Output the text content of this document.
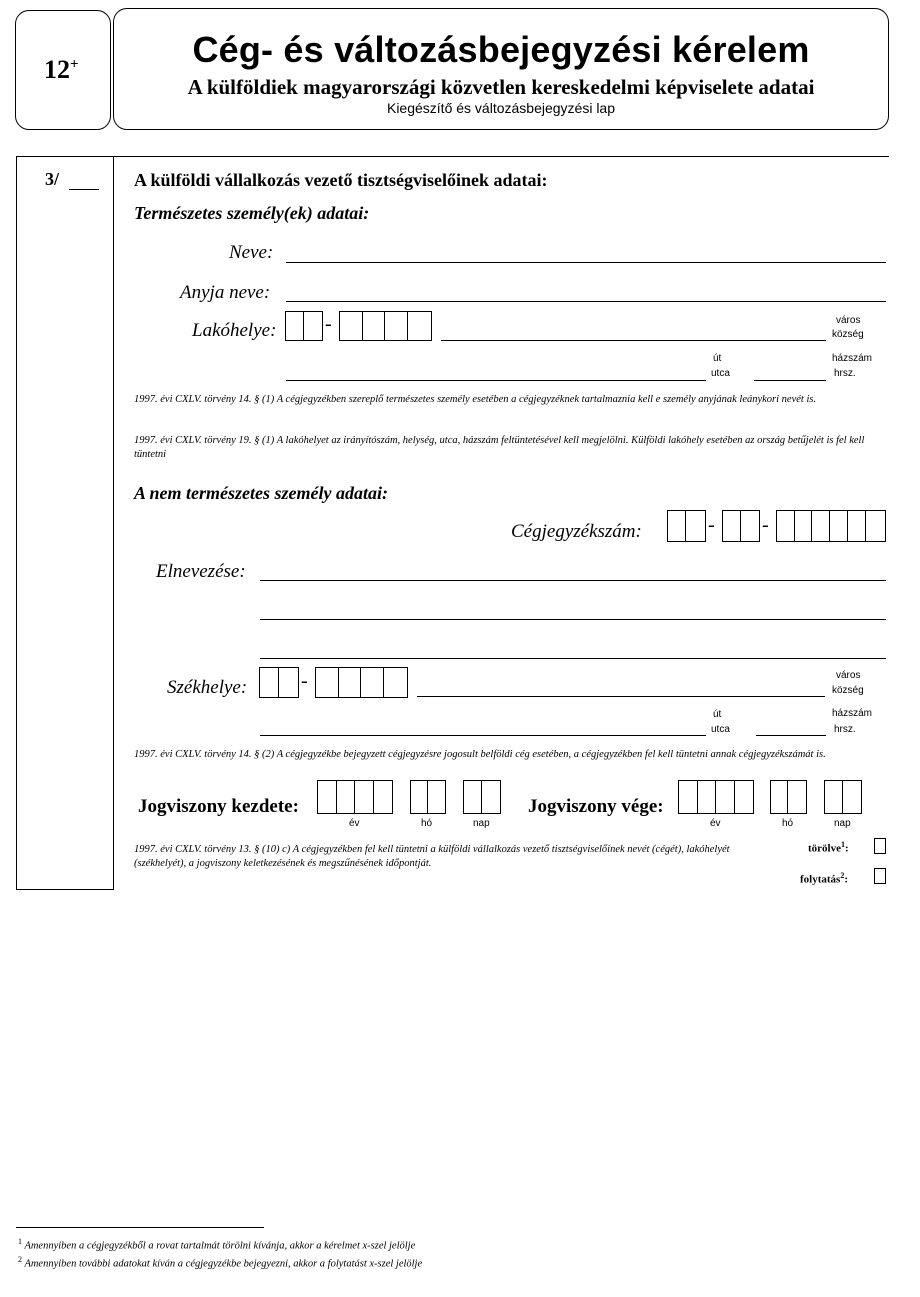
12+	Cég- és változásbejegyzési kérelem
A külföldiek magyarországi közvetlen kereskedelmi képviselete adatai
Kiegészítő és változásbejegyzési lap
3/	A külföldi vállalkozás vezető tisztségviselőinek adatai:
Természetes személy(ek) adatai:
Neve:
Anyja neve:
Lakóhelye: -	város
község
út
utca
házszám
hrsz.
1997. évi CXLV. törvény 14. § (1) A cégjegyzékben szereplő természetes személy esetében a cégjegyzéknek tartalmaznia kell e személy anyjának leánykori nevét is.
1997. évi CXLV. törvény 19. § (1) A lakóhelyet az irányítószám, helység, utca, házszám feltüntetésével kell megjelölni. Külföldi lakóhely esetében az ország betűjelét is fel kell tüntetni
A nem természetes személy adatai:
Cégjegyzékszám:	- -
Elnevezése:
Székhelye:	-	város
község
út
utca
házszám
hrsz.
1997. évi CXLV. törvény 14. § (2) A cégjegyzékbe bejegyzett cégjegyzésre jogosult belföldi cég esetében, a cégjegyzékben fel kell tüntetni annak cégjegyzékszámát is.
Jogviszony kezdete:
év	hó	nap
Jogviszony vége:
év	hó	nap
1997. évi CXLV. törvény 13. § (10) c) A cégjegyzékben fel kell tüntetni a külföldi vállalkozás vezető tisztségviselőinek nevét (cégét), lakóhelyét (székhelyét), a jogviszony keletkezésének és megszűnésének időpontját.
törölve$^1$:
folytatás$^2$:
$^1$ Amennyiben a cégjegyzékből a rovat tartalmát törölni kívánja, akkor a kérelmet x-szel jelölje
$^2$ Amennyiben további adatokat kíván a cégjegyzékbe bejegyezni, akkor a folytatást x-szel jelölje
